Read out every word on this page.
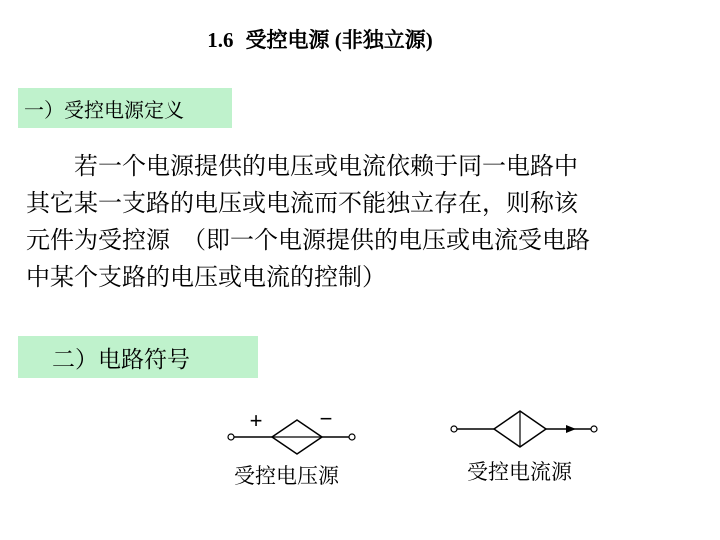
1.6 受控电源 (非独立源)
一）受控电源定义
　　若一个电源提供的电压或电流依赖于同一电路中
其它某一支路的电压或电流而不能独立存在，则称该
元件为受控源　（即一个电源提供的电压或电流受电路
中某个支路的电压或电流的控制）
二）电路符号
+	−
受控电压源	受控电流源
